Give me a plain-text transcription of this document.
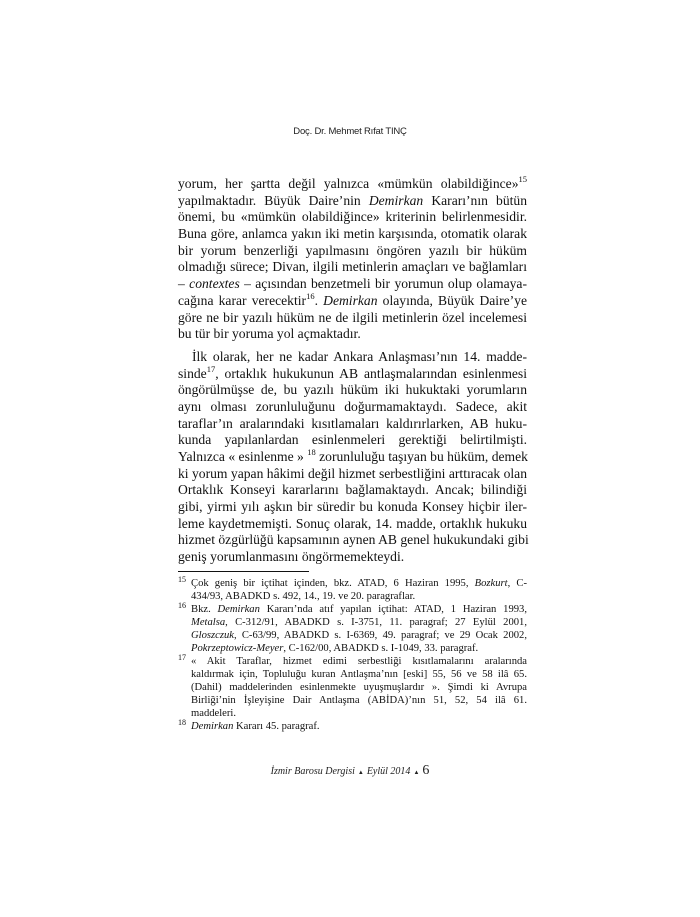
Doç. Dr. Mehmet Rıfat TINÇ
yorum, her şartta değil yalnızca «mümkün olabildiğince»$^{15}$
yapılmaktadır. Büyük Daire’nin Demirkan Kararı’nın bütün
önemi, bu «mümkün olabildiğince» kriterinin belirlenmesidir.
Buna göre, anlamca yakın iki metin karşısında, otomatik olarak
bir yorum benzerliği yapılmasını öngören yazılı bir hüküm
olmadığı sürece; Divan, ilgili metinlerin amaçları ve bağlamları
– contextes – açısından benzetmeli bir yorumun olup olamaya-
cağına karar verecektir$^{16}$. Demirkan olayında, Büyük Daire’ye
göre ne bir yazılı hüküm ne de ilgili metinlerin özel incelemesi
bu tür bir yoruma yol açmaktadır.
İlk olarak, her ne kadar Ankara Anlaşması’nın 14. madde-
sinde$^{17}$, ortaklık hukukunun AB antlaşmalarından esinlenmesi
öngörülmüşse de, bu yazılı hüküm iki hukuktaki yorumların
aynı olması zorunluluğunu doğurmamaktaydı. Sadece, akit
taraflar’ın aralarındaki kısıtlamaları kaldırırlarken, AB huku-
kunda yapılanlardan esinlenmeleri gerektiği belirtilmişti.
Yalnızca « esinlenme » $^{18}$ zorunluluğu taşıyan bu hüküm, demek
ki yorum yapan hâkimi değil hizmet serbestliğini arttıracak olan
Ortaklık Konseyi kararlarını bağlamaktaydı. Ancak; bilindiği
gibi, yirmi yılı aşkın bir süredir bu konuda Konsey hiçbir iler-
leme kaydetmemişti. Sonuç olarak, 14. madde, ortaklık hukuku
hizmet özgürlüğü kapsamının aynen AB genel hukukundaki gibi
geniş yorumlanmasını öngörmemekteydi.
15 Çok geniş bir içtihat içinden, bkz. ATAD, 6 Haziran 1995, Bozkurt, C-
434/93, ABADKD s. 492, 14., 19. ve 20. paragraflar.
16 Bkz. Demirkan Kararı’nda atıf yapılan içtihat: ATAD, 1 Haziran 1993,
Metalsa, C-312/91, ABADKD s. I-3751, 11. paragraf; 27 Eylül 2001,
Gloszczuk, C-63/99, ABADKD s. I-6369, 49. paragraf; ve 29 Ocak 2002,
Pokrzeptowicz-Meyer, C-162/00, ABADKD s. I-1049, 33. paragraf.
17 « Akit Taraflar, hizmet edimi serbestliği kısıtlamalarını aralarında
kaldırmak için, Topluluğu kuran Antlaşma’nın [eski] 55, 56 ve 58 ilâ 65.
(Dahil) maddelerinden esinlenmekte uyuşmuşlardır ». Şimdi ki Avrupa
Birliği’nin İşleyişine Dair Antlaşma (ABİDA)’nın 51, 52, 54 ilâ 61.
maddeleri.
18 Demirkan Kararı 45. paragraf.
İzmir Barosu Dergisi ▲ Eylül 2014 ▲ 6
